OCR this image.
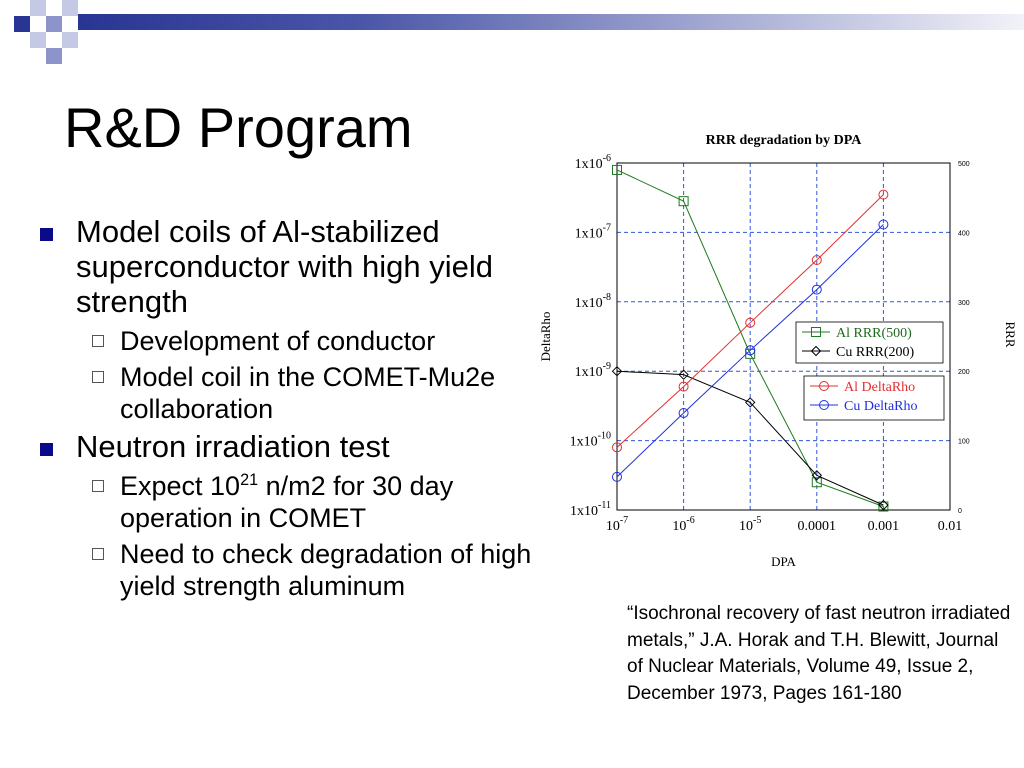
R&D Program
Model coils of Al-stabilized superconductor with high yield strength
Development of conductor
Model coil in the COMET-Mu2e collaboration
Neutron irradiation test
Expect $10^{21}$ n/m2 for 30 day operation in COMET
Need to check degradation of high yield strength aluminum
RRR degradation by DPA
$10^{-7}$	$10^{-6}$	$10^{-5}$	0.0001 0.001	0.01
$1x10^{-6}$
$1x10^{-7}$
$1x10^{-8}$
$1x10^{-9}$
$1x10^{-10}$
$1x10^{-11}$
500
400
300
200
100
0
DPA
DeltaRho	RRR
Al RRR(500)
Cu RRR(200)
Al DeltaRho
Cu DeltaRho
“Isochronal recovery of fast neutron irradiated metals,” J.A. Horak and T.H. Blewitt, Journal of Nuclear Materials, Volume 49, Issue 2, December 1973, Pages 161-180
